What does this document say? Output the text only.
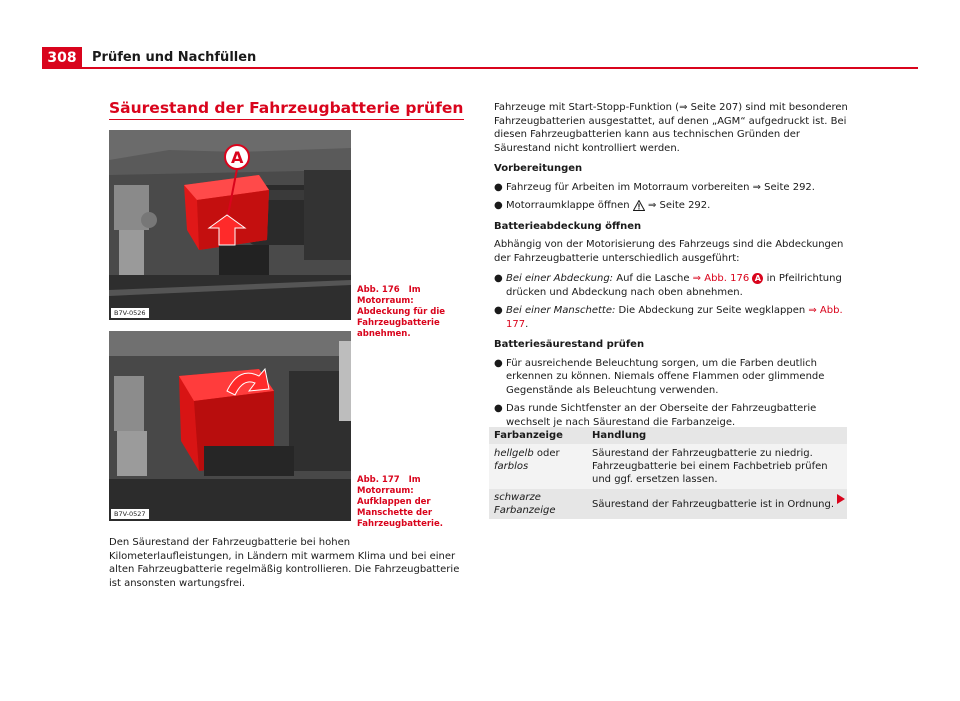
308	Prüfen und Nachfüllen
Säurestand der Fahrzeugbatterie prüfen
A
B7V-0526
Abb. 176 Im Motorraum: Abdeckung für die Fahrzeugbatterie abnehmen.
B7V-0527
Abb. 177 Im Motorraum: Aufklappen der Manschette der Fahrzeugbatterie.
Den Säurestand der Fahrzeugbatterie bei hohen Kilometerlaufleistungen, in Ländern mit warmem Klima und bei einer alten Fahrzeugbatterie regelmäßig kontrollieren. Die Fahrzeugbatterie ist ansonsten wartungsfrei.

Fahrzeuge mit Start-Stopp-Funktion (⇒ Seite 207) sind mit besonderen Fahrzeugbatterien ausgestattet, auf denen „AGM“ aufgedruckt ist. Bei diesen Fahrzeugbatterien kann aus technischen Gründen der Säurestand nicht kontrolliert werden.

Vorbereitungen
● Fahrzeug für Arbeiten im Motorraum vorbereiten ⇒ Seite 292.
● Motorraumklappe öffnen ⇒ Seite 292.
Batterieabdeckung öffnen

Abhängig von der Motorisierung des Fahrzeugs sind die Abdeckungen der Fahrzeugbatterie unterschiedlich ausgeführt:

● Bei einer Abdeckung: Auf die Lasche ⇒ Abb. 176 A in Pfeilrichtung drücken und Abdeckung nach oben abnehmen.
● Bei einer Manschette: Die Abdeckung zur Seite wegklappen ⇒ Abb. 177.
Batteriesäurestand prüfen
● Für ausreichende Beleuchtung sorgen, um die Farben deutlich erkennen zu können. Niemals offene Flammen oder glimmende Gegenstände als Beleuchtung verwenden.
● Das runde Sichtfenster an der Oberseite der Fahrzeugbatterie wechselt je nach Säurestand die Farbanzeige.
Farbanzeige	Handlung
hellgelb oder farblos	Säurestand der Fahrzeugbatterie zu niedrig. Fahrzeugbatterie bei einem Fachbetrieb prüfen und ggf. ersetzen lassen.
schwarze Farbanzeige	Säurestand der Fahrzeugbatterie ist in Ordnung.
